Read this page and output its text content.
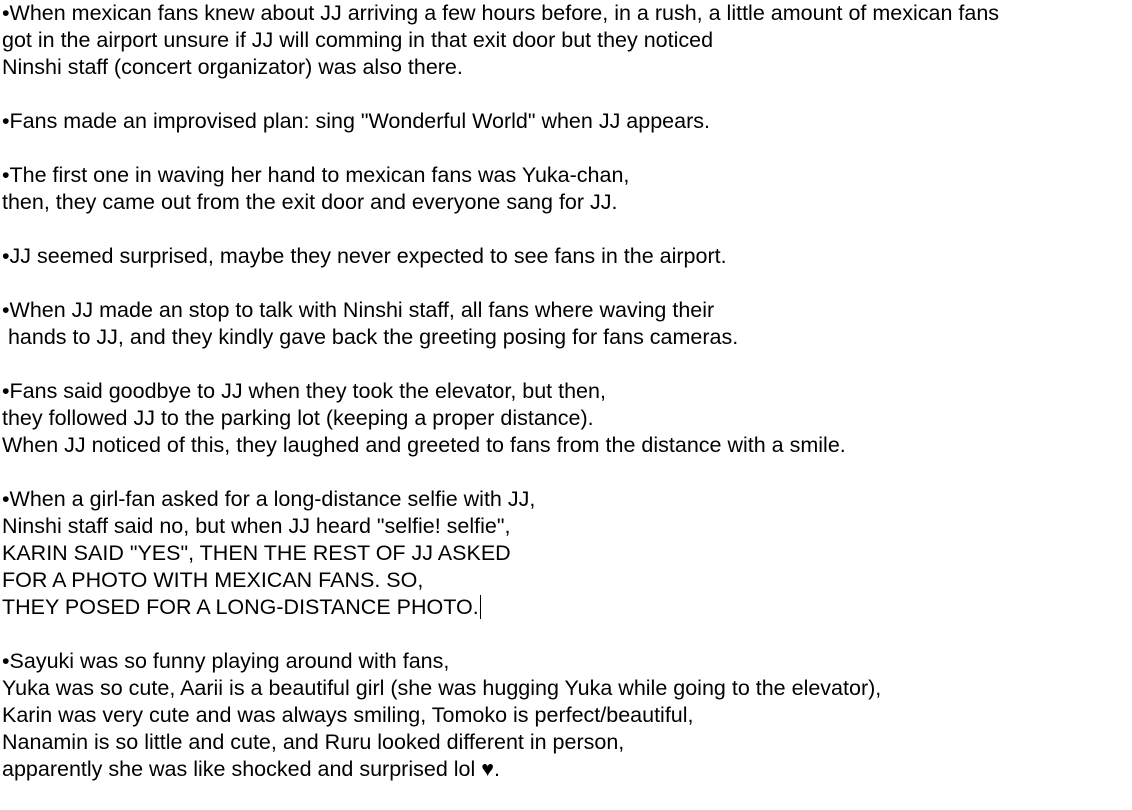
•When mexican fans knew about JJ arriving a few hours before, in a rush, a little amount of mexican fans
got in the airport unsure if JJ will comming in that exit door but they noticed
Ninshi staff (concert organizator) was also there.
•Fans made an improvised plan: sing "Wonderful World" when JJ appears.
•The first one in waving her hand to mexican fans was Yuka-chan,
then, they came out from the exit door and everyone sang for JJ.
•JJ seemed surprised, maybe they never expected to see fans in the airport.
•When JJ made an stop to talk with Ninshi staff, all fans where waving their
hands to JJ, and they kindly gave back the greeting posing for fans cameras.
•Fans said goodbye to JJ when they took the elevator, but then,
they followed JJ to the parking lot (keeping a proper distance).
When JJ noticed of this, they laughed and greeted to fans from the distance with a smile.
•When a girl-fan asked for a long-distance selfie with JJ,
Ninshi staff said no, but when JJ heard "selfie! selfie",
KARIN SAID "YES", THEN THE REST OF JJ ASKED
FOR A PHOTO WITH MEXICAN FANS. SO,
THEY POSED FOR A LONG-DISTANCE PHOTO.
•Sayuki was so funny playing around with fans,
Yuka was so cute, Aarii is a beautiful girl (she was hugging Yuka while going to the elevator),
Karin was very cute and was always smiling, Tomoko is perfect/beautiful,
Nanamin is so little and cute, and Ruru looked different in person,
apparently she was like shocked and surprised lol ♥.
